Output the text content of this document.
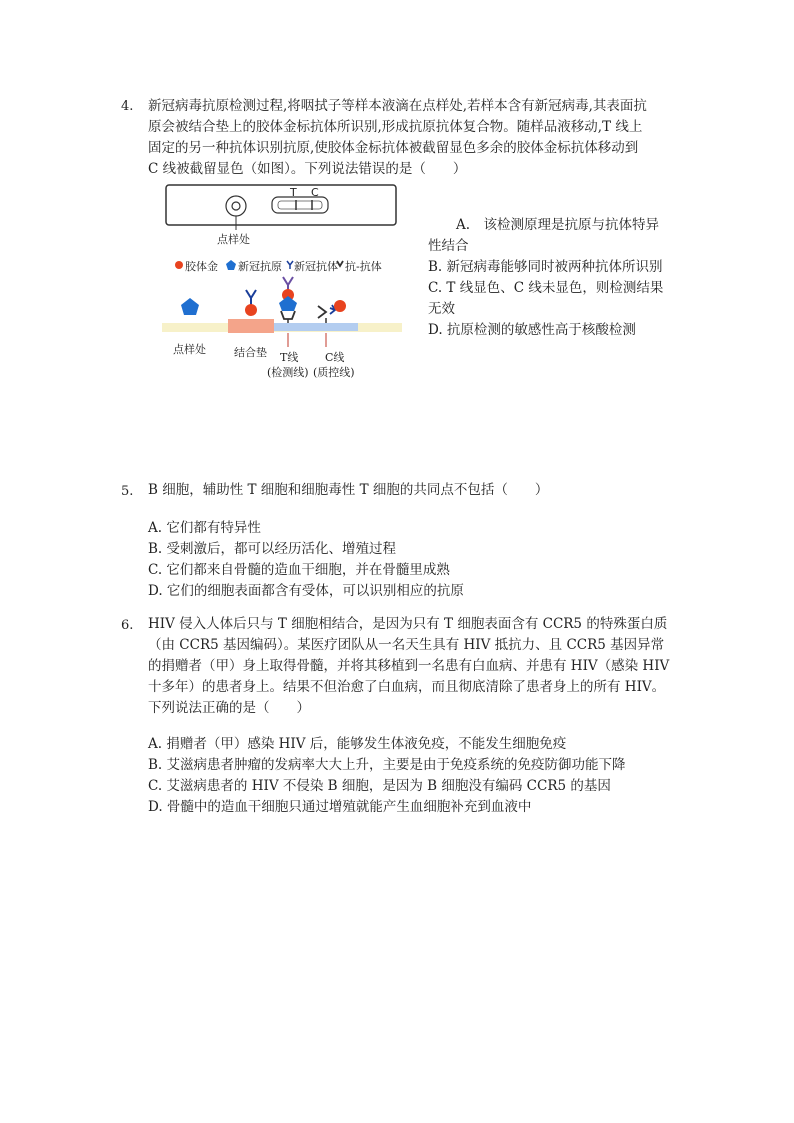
4. 新冠病毒抗原检测过程,将咽拭子等样本液滴在点样处,若样本含有新冠病毒,其表面抗
原会被结合垫上的胶体金标抗体所识别,形成抗原抗体复合物。随样品液移动,T 线上
固定的另一种抗体识别抗原,使胶体金标抗体被截留显色多余的胶体金标抗体移动到
C 线被截留显色（如图）。下列说法错误的是（　　）
T C
点样处
胶体金 新冠抗原 新冠抗体 抗-抗体
点样处	结合垫 T线
(检测线)
C线
(质控线)
A.　该检测原理是抗原与抗体特异
性结合
B. 新冠病毒能够同时被两种抗体所识别
C. T 线显色、C 线未显色，则检测结果
无效
D. 抗原检测的敏感性高于核酸检测
5. B 细胞，辅助性 T 细胞和细胞毒性 T 细胞的共同点不包括（　　）
A. 它们都有特异性
B. 受刺激后，都可以经历活化、增殖过程
C. 它们都来自骨髓的造血干细胞，并在骨髓里成熟
D. 它们的细胞表面都含有受体，可以识别相应的抗原
6. HIV 侵入人体后只与 T 细胞相结合，是因为只有 T 细胞表面含有 CCR5 的特殊蛋白质
（由 CCR5 基因编码）。某医疗团队从一名天生具有 HIV 抵抗力、且 CCR5 基因异常
的捐赠者（甲）身上取得骨髓，并将其移植到一名患有白血病、并患有 HIV（感染 HIV
十多年）的患者身上。结果不但治愈了白血病，而且彻底清除了患者身上的所有 HIV。
下列说法正确的是（　　）
A. 捐赠者（甲）感染 HIV 后，能够发生体液免疫，不能发生细胞免疫
B. 艾滋病患者肿瘤的发病率大大上升，主要是由于免疫系统的免疫防御功能下降
C. 艾滋病患者的 HIV 不侵染 B 细胞，是因为 B 细胞没有编码 CCR5 的基因
D. 骨髓中的造血干细胞只通过增殖就能产生血细胞补充到血液中
